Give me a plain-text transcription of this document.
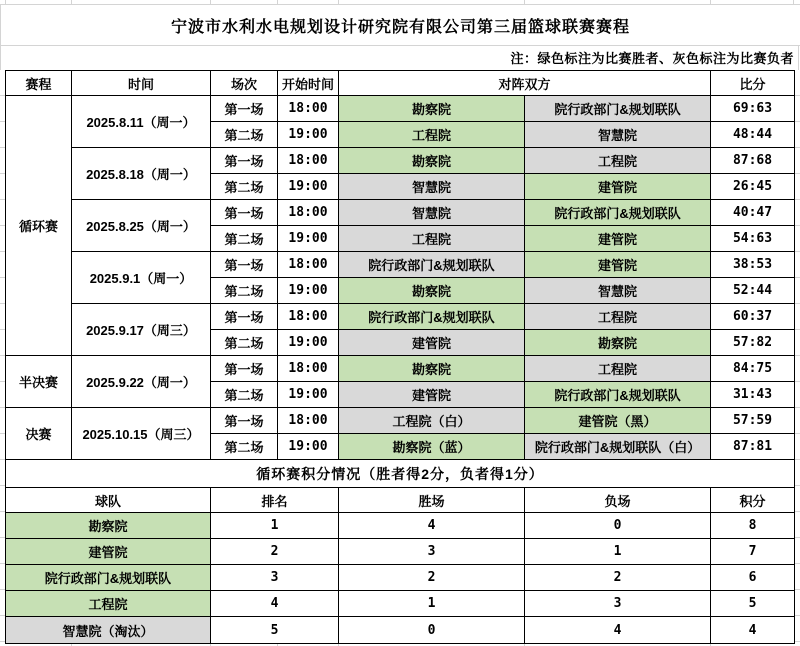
宁波市水利水电规划设计研究院有限公司第三届篮球联赛赛程
注：绿色标注为比赛胜者、灰色标注为比赛负者
赛程	时间	场次	开始时间	对阵双方		比分
循环赛	2025.8.11（周一）	第一场	18:00	勘察院	院行政部门&规划联队	69:63
		第二场	19:00	工程院	智慧院	48:44
	2025.8.18（周一）	第一场	18:00	勘察院	工程院	87:68
		第二场	19:00	智慧院	建管院	26:45
	2025.8.25（周一）	第一场	18:00	智慧院	院行政部门&规划联队	40:47
		第二场	19:00	工程院	建管院	54:63
	2025.9.1（周一）	第一场	18:00	院行政部门&规划联队	建管院	38:53
		第二场	19:00	勘察院	智慧院	52:44
	2025.9.17（周三）	第一场	18:00	院行政部门&规划联队	工程院	60:37
		第二场	19:00	建管院	勘察院	57:82
半决赛	2025.9.22（周一）	第一场	18:00	勘察院	工程院	84:75
		第二场	19:00	建管院	院行政部门&规划联队	31:43
决赛	2025.10.15（周三）	第一场	18:00	工程院（白）	建管院（黑）	57:59
		第二场	19:00	勘察院（蓝）	院行政部门&规划联队（白）	87:81
循环赛积分情况（胜者得2分，负者得1分）						
球队		排名		胜场	负场	积分
勘察院		1		4	0	8
建管院		2		3	1	7
院行政部门&规划联队		3		2	2	6
工程院		4		1	3	5
智慧院（淘汰）		5		0	4	4
